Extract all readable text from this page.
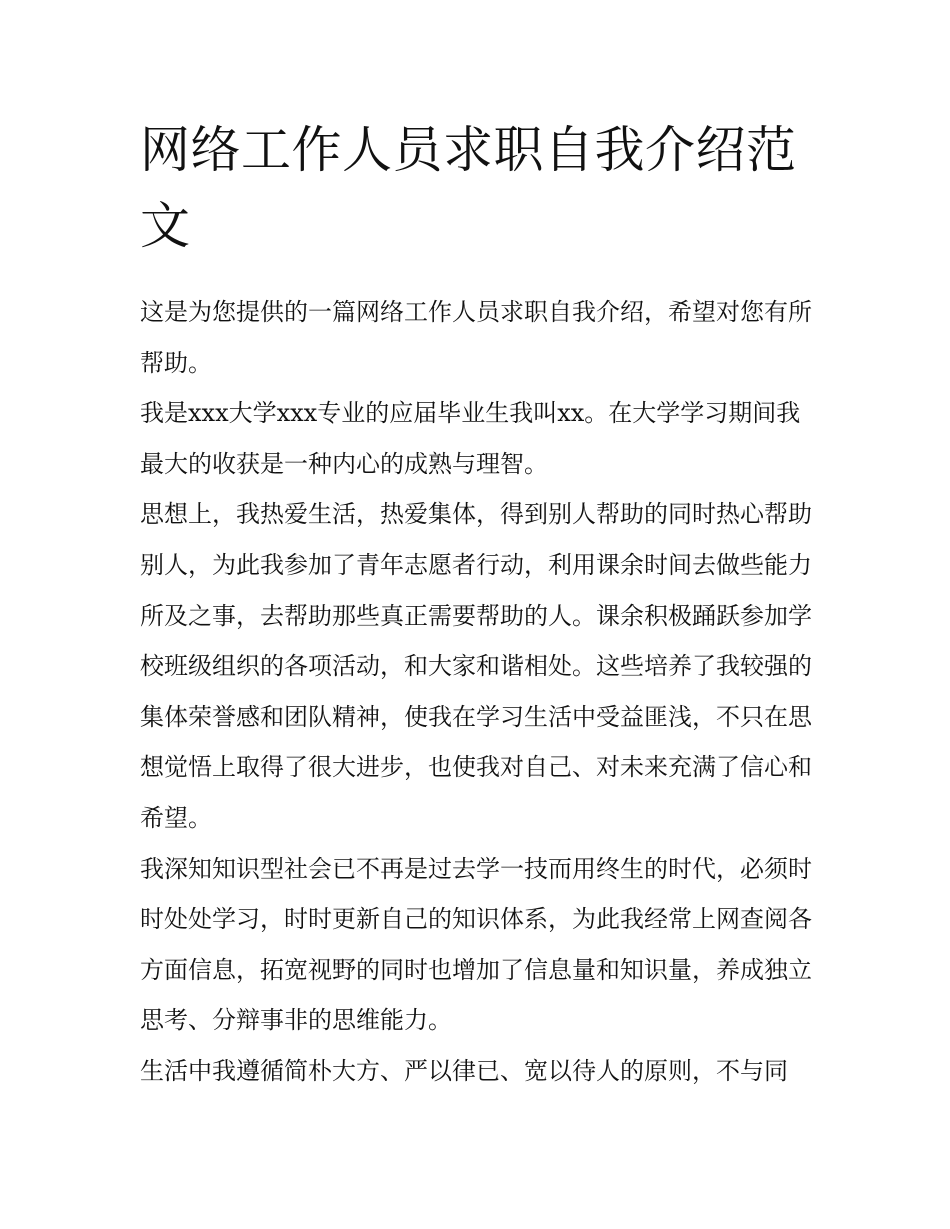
网络工作人员求职自我介绍范文

这是为您提供的一篇网络工作人员求职自我介绍，希望对您有所帮助。

我是xxx大学xxx专业的应届毕业生我叫xx。在大学学习期间我最大的收获是一种内心的成熟与理智。

思想上，我热爱生活，热爱集体，得到别人帮助的同时热心帮助别人，为此我参加了青年志愿者行动，利用课余时间去做些能力所及之事，去帮助那些真正需要帮助的人。课余积极踊跃参加学校班级组织的各项活动，和大家和谐相处。这些培养了我较强的集体荣誉感和团队精神，使我在学习生活中受益匪浅，不只在思想觉悟上取得了很大进步，也使我对自己、对未来充满了信心和希望。

我深知知识型社会已不再是过去学一技而用终生的时代，必须时时处处学习，时时更新自己的知识体系，为此我经常上网查阅各方面信息，拓宽视野的同时也增加了信息量和知识量，养成独立思考、分辩事非的思维能力。

生活中我遵循简朴大方、严以律已、宽以待人的原则，不与同
